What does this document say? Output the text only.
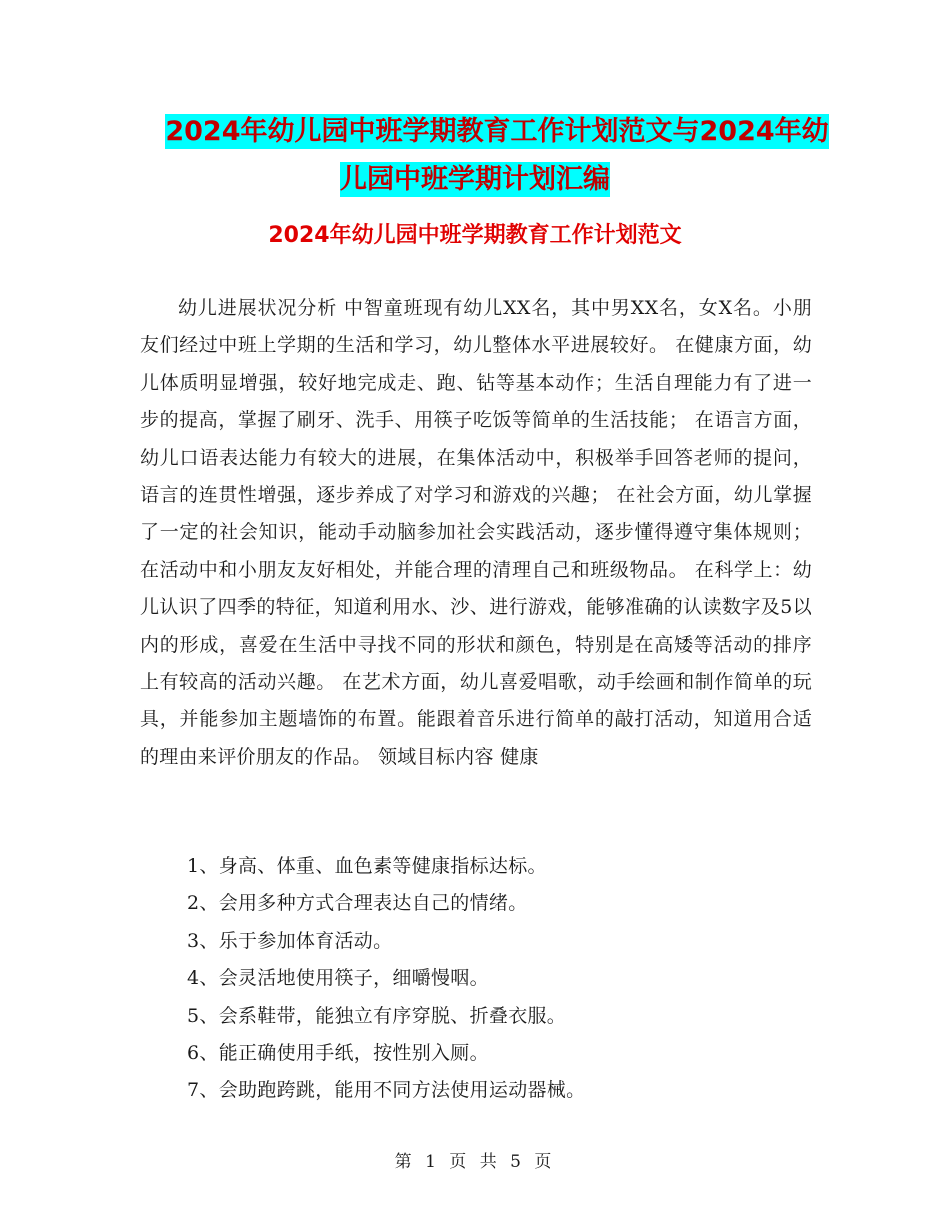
2024年幼儿园中班学期教育工作计划范文与2024年幼
儿园中班学期计划汇编
2024年幼儿园中班学期教育工作计划范文
幼儿进展状况分析 中智童班现有幼儿XX名，其中男XX名，女X名。小朋友们经过中班上学期的生活和学习，幼儿整体水平进展较好。 在健康方面，幼儿体质明显增强，较好地完成走、跑、钻等基本动作；生活自理能力有了进一步的提高，掌握了刷牙、洗手、用筷子吃饭等简单的生活技能； 在语言方面，幼儿口语表达能力有较大的进展，在集体活动中，积极举手回答老师的提问，语言的连贯性增强，逐步养成了对学习和游戏的兴趣； 在社会方面，幼儿掌握了一定的社会知识，能动手动脑参加社会实践活动，逐步懂得遵守集体规则；在活动中和小朋友友好相处，并能合理的清理自己和班级物品。 在科学上：幼儿认识了四季的特征，知道利用水、沙、进行游戏，能够准确的认读数字及5以内的形成，喜爱在生活中寻找不同的形状和颜色，特别是在高矮等活动的排序上有较高的活动兴趣。 在艺术方面，幼儿喜爱唱歌，动手绘画和制作简单的玩具，并能参加主题墙饰的布置。能跟着音乐进行简单的敲打活动，知道用合适的理由来评价朋友的作品。 领域目标内容 健康
1、身高、体重、血色素等健康指标达标。
2、会用多种方式合理表达自己的情绪。
3、乐于参加体育活动。
4、会灵活地使用筷子，细嚼慢咽。
5、会系鞋带，能独立有序穿脱、折叠衣服。
6、能正确使用手纸，按性别入厕。
7、会助跑跨跳，能用不同方法使用运动器械。
第 1 页 共 5 页
